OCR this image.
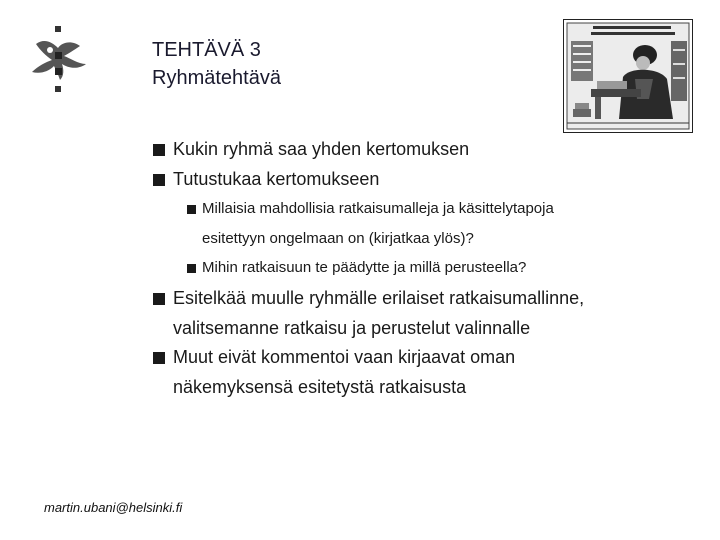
TEHTÄVÄ 3
Ryhmätehtävä
Kukin ryhmä saa yhden kertomuksen
Tutustukaa kertomukseen
Millaisia mahdollisia ratkaisumalleja ja käsittelytapoja
esitettyyn ongelmaan on (kirjatkaa ylös)?
Mihin ratkaisuun te päädytte ja millä perusteella?
Esitelkää muulle ryhmälle erilaiset ratkaisumallinne,
valitsemanne ratkaisu ja perustelut valinnalle
Muut eivät kommentoi vaan kirjaavat oman
näkemyksensä esitetystä ratkaisusta
martin.ubani@helsinki.fi
